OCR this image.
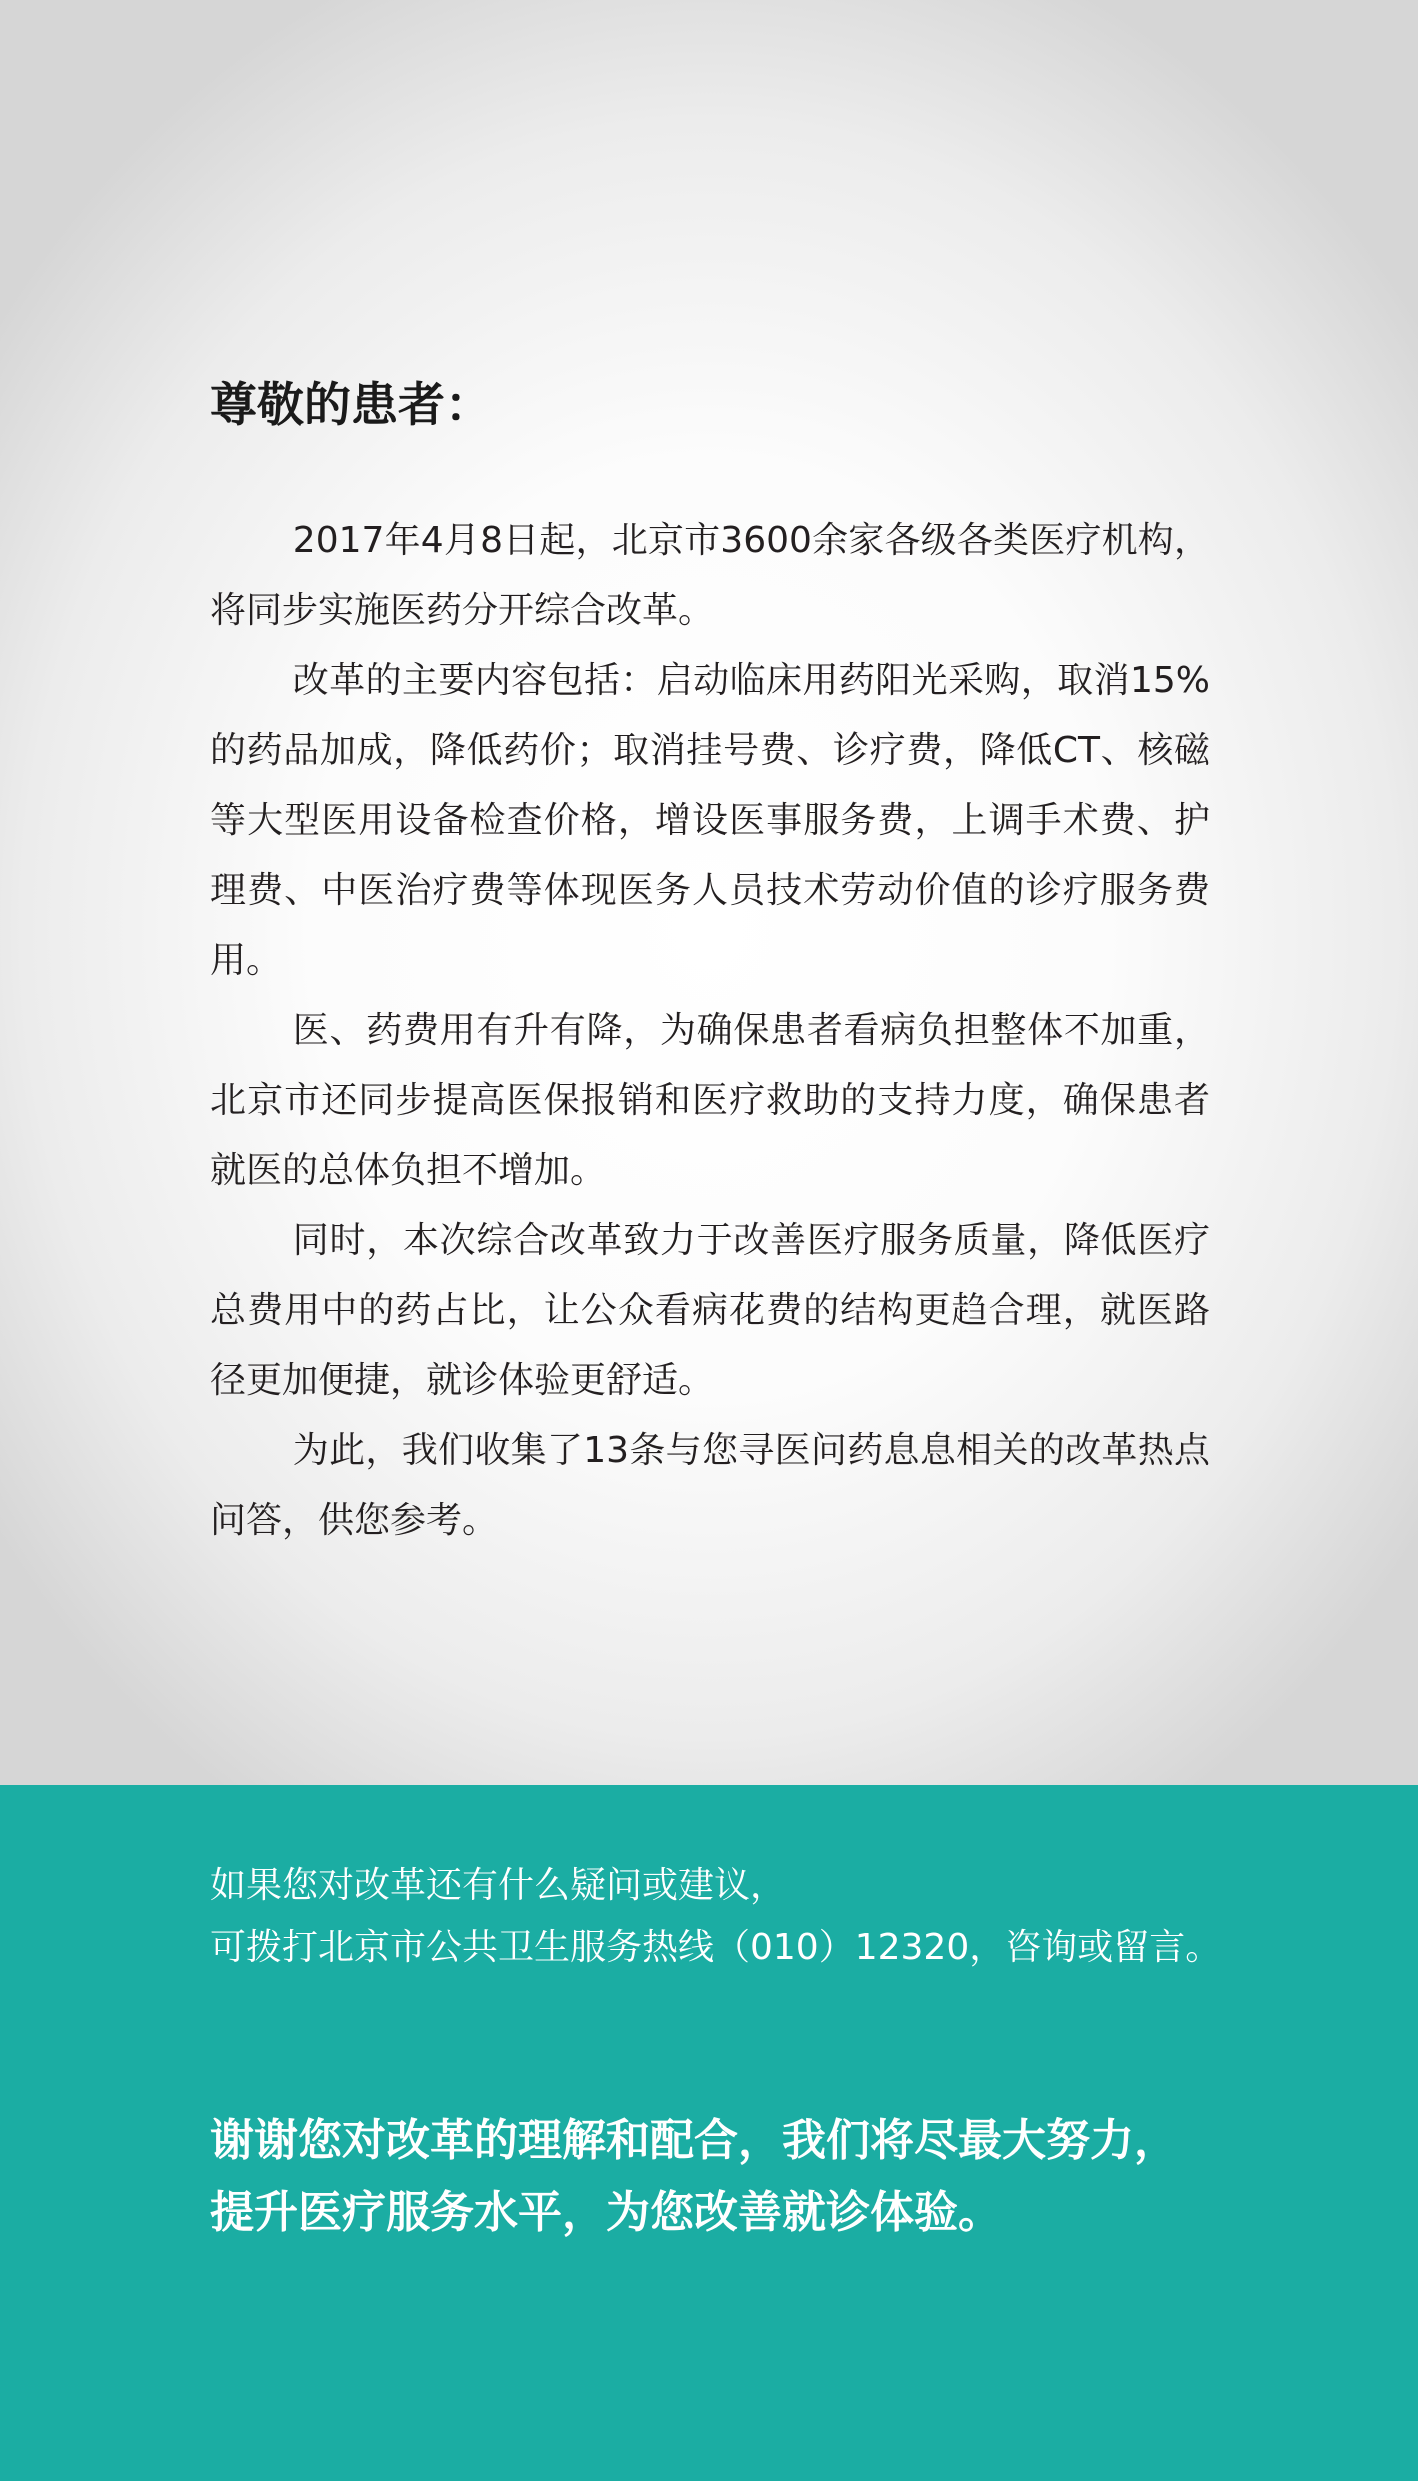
尊敬的患者：

2017年4月8日起，北京市3600余家各级各类医疗机构，将同步实施医药分开综合改革。

改革的主要内容包括：启动临床用药阳光采购，取消15%的药品加成，降低药价；取消挂号费、诊疗费，降低CT、核磁等大型医用设备检查价格，增设医事服务费，上调手术费、护理费、中医治疗费等体现医务人员技术劳动价值的诊疗服务费用。

医、药费用有升有降，为确保患者看病负担整体不加重，北京市还同步提高医保报销和医疗救助的支持力度，确保患者就医的总体负担不增加。

同时，本次综合改革致力于改善医疗服务质量，降低医疗总费用中的药占比，让公众看病花费的结构更趋合理，就医路径更加便捷，就诊体验更舒适。

为此，我们收集了13条与您寻医问药息息相关的改革热点问答，供您参考。

如果您对改革还有什么疑问或建议，

可拨打北京市公共卫生服务热线（010）12320，咨询或留言。

谢谢您对改革的理解和配合，我们将尽最大努力，

提升医疗服务水平，为您改善就诊体验。
